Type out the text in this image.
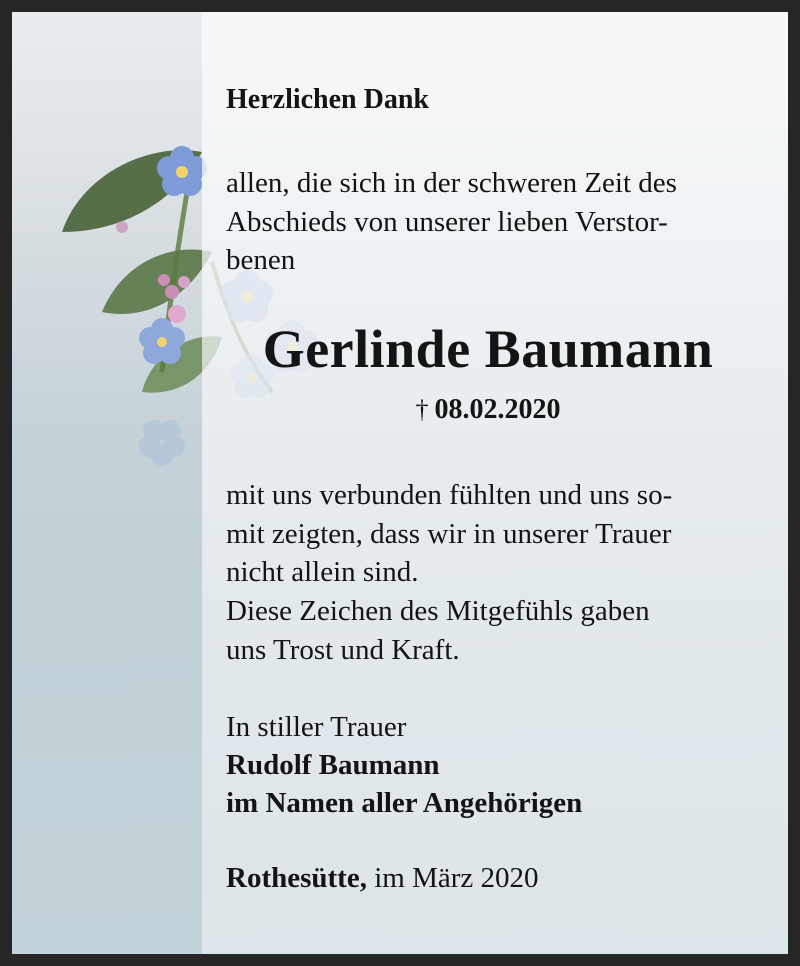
Herzlichen Dank

allen, die sich in der schweren Zeit des
Abschieds von unserer lieben Verstor-
benen

Gerlinde Baumann

† 08.02.2020

mit uns verbunden fühlten und uns so-
mit zeigten, dass wir in unserer Trauer
nicht allein sind.

Diese Zeichen des Mitgefühls gaben
uns Trost und Kraft.

In stiller Trauer

Rudolf Baumann

im Namen aller Angehörigen

Rothesütte, im März 2020
